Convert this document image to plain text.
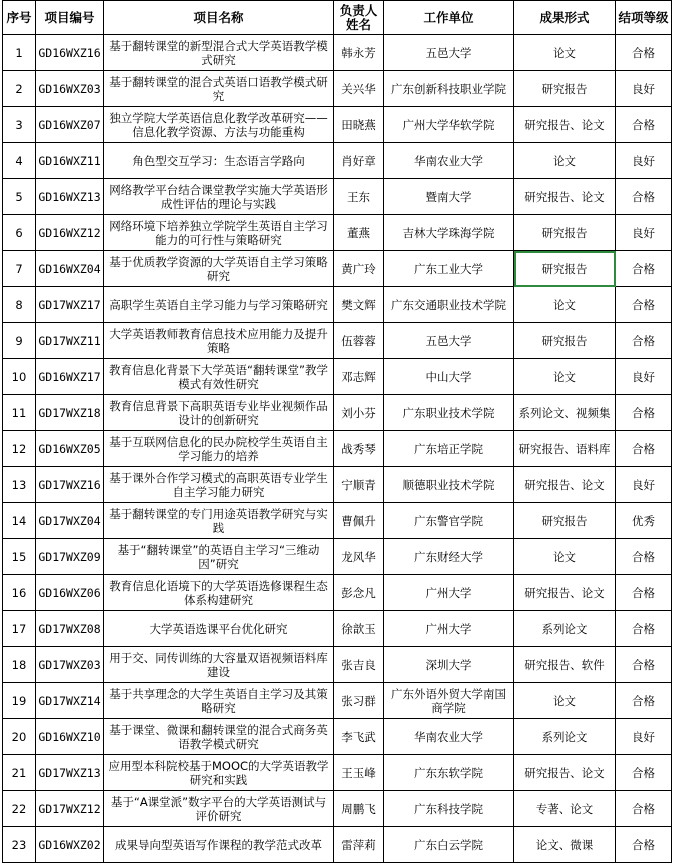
序号	项目编号	项目名称	负责人姓名	工作单位	成果形式	结项等级
1	GD16WXZ16	基于翻转课堂的新型混合式大学英语教学模式研究	韩永芳	五邑大学	论文	合格
2	GD16WXZ03	基于翻转课堂的混合式英语口语教学模式研究	关兴华	广东创新科技职业学院	研究报告	良好
3	GD16WXZ07	独立学院大学英语信息化教学改革研究——信息化教学资源、方法与功能重构	田晓燕	广州大学华软学院	研究报告、论文	合格
4	GD16WXZ11	角色型交互学习：生态语言学路向	肖好章	华南农业大学	论文	良好
5	GD16WXZ13	网络教学平台结合课堂教学实施大学英语形成性评估的理论与实践	王东	暨南大学	研究报告、论文	合格
6	GD16WXZ12	网络环境下培养独立学院学生英语自主学习能力的可行性与策略研究	董燕	吉林大学珠海学院	研究报告	良好
7	GD16WXZ04	基于优质教学资源的大学英语自主学习策略研究	黄广玲	广东工业大学	研究报告	合格
8	GD17WXZ17	高职学生英语自主学习能力与学习策略研究	樊文辉	广东交通职业技术学院	论文	合格
9	GD17WXZ11	大学英语教师教育信息技术应用能力及提升策略	伍蓉蓉	五邑大学	研究报告	合格
10	GD16WXZ17	教育信息化背景下大学英语“翻转课堂”教学模式有效性研究	邓志辉	中山大学	论文	良好
11	GD17WXZ18	教育信息背景下高职英语专业毕业视频作品设计的创新研究	刘小芬	广东职业技术学院	系列论文、视频集	合格
12	GD16WXZ05	基于互联网信息化的民办院校学生英语自主学习能力的培养	战秀琴	广东培正学院	研究报告、语料库	合格
13	GD17WXZ16	基于课外合作学习模式的高职英语专业学生自主学习能力研究	宁顺青	顺德职业技术学院	研究报告、论文	良好
14	GD17WXZ04	基于翻转课堂的专门用途英语教学研究与实践	曹佩升	广东警官学院	研究报告	优秀
15	GD17WXZ09	基于“翻转课堂”的英语自主学习“三维动因”研究	龙风华	广东财经大学	论文	合格
16	GD16WXZ06	教育信息化语境下的大学英语选修课程生态体系构建研究	彭念凡	广州大学	研究报告、论文	合格
17	GD17WXZ08	大学英语选课平台优化研究	徐歆玉	广州大学	系列论文	合格
18	GD17WXZ03	用于交、同传训练的大容量双语视频语料库建设	张吉良	深圳大学	研究报告、软件	合格
19	GD17WXZ14	基于共享理念的大学生英语自主学习及其策略研究	张习群	广东外语外贸大学南国商学院	论文	合格
20	GD16WXZ10	基于课堂、微课和翻转课堂的混合式商务英语教学模式研究	李飞武	华南农业大学	系列论文	良好
21	GD17WXZ13	应用型本科院校基于MOOC的大学英语教学研究和实践	王玉峰	广东东软学院	研究报告、论文	合格
22	GD17WXZ12	基于“A课堂派”数字平台的大学英语测试与评价研究	周鹏飞	广东科技学院	专著、论文	合格
23	GD16WXZ02	成果导向型英语写作课程的教学范式改革	雷萍莉	广东白云学院	论文、微课	合格
